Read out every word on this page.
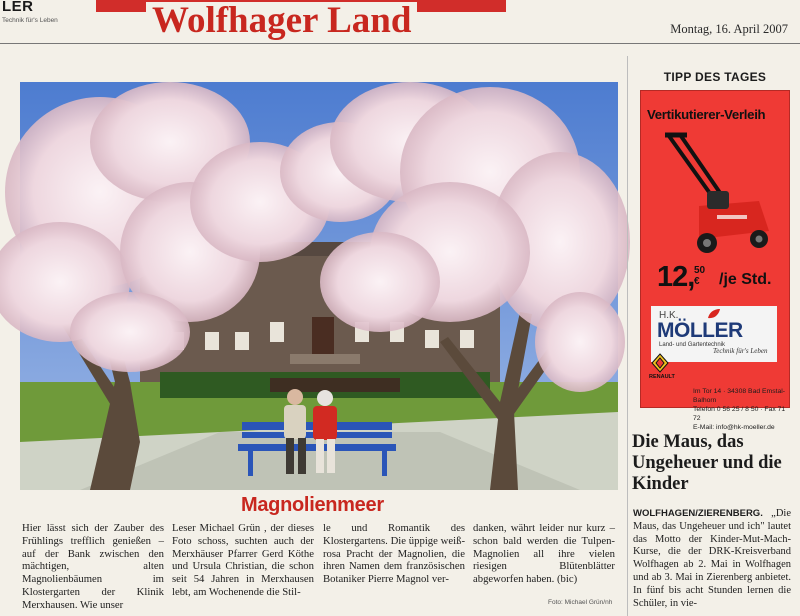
LER
Technik für's Leben	Wolfhager Land	Montag, 16. April 2007
Magnolienmeer
Hier lässt sich der Zauber des Frühlings trefflich genießen – auf der Bank zwischen den mächtigen, alten Magnolienbäumen im Klostergarten der Klinik Merxhausen. Wie unser
Leser Michael Grün , der dieses Foto schoss, suchten auch der Merxhäuser Pfarrer Gerd Köthe und Ursula Christian, die schon seit 54 Jahren in Merxhausen lebt, am Wochenende die Stil-
le und Romantik des Klostergartens. Die üppige weiß-rosa Pracht der Magnolien, die ihren Namen dem französischen Botaniker Pierre Magnol ver-
danken, währt leider nur kurz – schon bald werden die Tulpen-Magnolien all ihre vielen riesigen Blütenblätter abgeworfen haben. (bic)
Foto: Michael Grün/nh
TIPP DES TAGES
Vertikutierer-Verleih
12, 50
€	/je Std.
H.K.
MÖLLER
Land- und Gartentechnik
Technik für's Leben
RENAULT
Im Tor 14 · 34308 Bad Emstal-Balhorn
Telefon 0 56 25 / 8 50 · Fax 71 72
E-Mail: info@hk-moeller.de
Die Maus, das Ungeheuer und die Kinder
WOLFHAGEN/ZIERENBERG. „Die Maus, das Ungeheuer und ich" lautet das Motto der Kinder-Mut-Mach-Kurse, die der DRK-Kreisverband Wolfhagen ab 2. Mai in Wolfhagen und ab 3. Mai in Zierenberg anbietet. In fünf bis acht Stunden lernen die Schüler, in vie-
